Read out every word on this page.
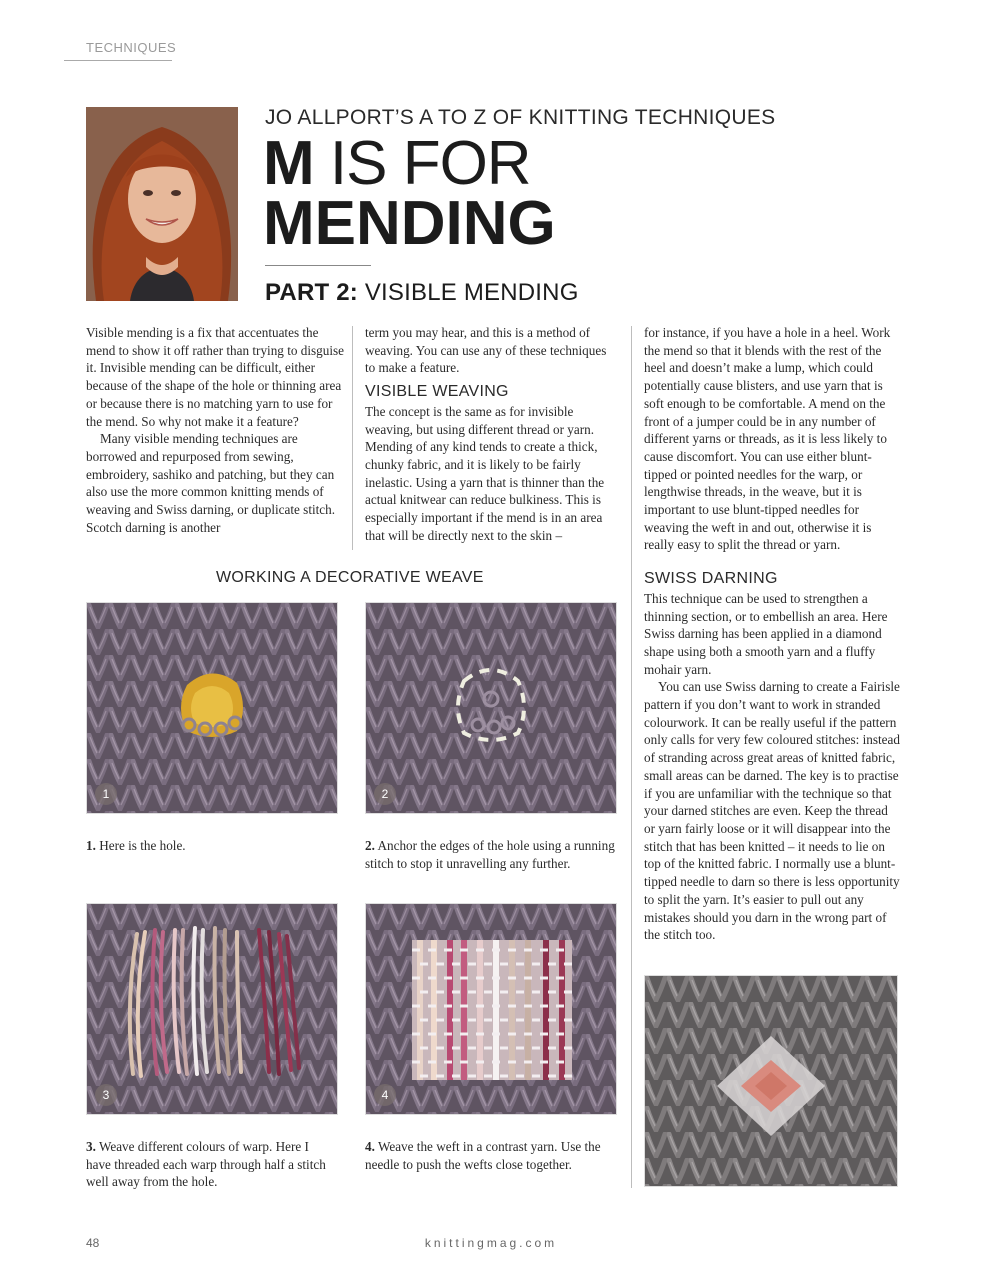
TECHNIQUES
JO ALLPORT’S A TO Z OF KNITTING TECHNIQUES
M IS FOR
MENDING
PART 2: VISIBLE MENDING

Visible mending is a fix that accentuates the mend to show it off rather than trying to disguise it. Invisible mending can be difficult, either because of the shape of the hole or thinning area or because there is no matching yarn to use for the mend. So why not make it a feature?

Many visible mending techniques are borrowed and repurposed from sewing, embroidery, sashiko and patching, but they can also use the more common knitting mends of weaving and Swiss darning, or duplicate stitch. Scotch darning is another

term you may hear, and this is a method of weaving. You can use any of these techniques to make a feature.

VISIBLE WEAVING

The concept is the same as for invisible weaving, but using different thread or yarn. Mending of any kind tends to create a thick, chunky fabric, and it is likely to be fairly inelastic. Using a yarn that is thinner than the actual knitwear can reduce bulkiness. This is especially important if the mend is in an area that will be directly next to the skin –

for instance, if you have a hole in a heel. Work the mend so that it blends with the rest of the heel and doesn’t make a lump, which could potentially cause blisters, and use yarn that is soft enough to be comfortable. A mend on the front of a jumper could be in any number of different yarns or threads, as it is less likely to cause discomfort. You can use either blunt-tipped or pointed needles for the warp, or lengthwise threads, in the weave, but it is important to use blunt-tipped needles for weaving the weft in and out, otherwise it is really easy to split the thread or yarn.

SWISS DARNING

This technique can be used to strengthen a thinning section, or to embellish an area. Here Swiss darning has been applied in a diamond shape using both a smooth yarn and a fluffy mohair yarn.

You can use Swiss darning to create a Fairisle pattern if you don’t want to work in stranded colourwork. It can be really useful if the pattern only calls for very few coloured stitches: instead of stranding across great areas of knitted fabric, small areas can be darned. The key is to practise if you are unfamiliar with the technique so that your darned stitches are even. Keep the thread or yarn fairly loose or it will disappear into the stitch that has been knitted – it needs to lie on top of the knitted fabric. I normally use a blunt-tipped needle to darn so there is less opportunity to split the yarn. It’s easier to pull out any mistakes should you darn in the wrong part of the stitch too.

WORKING A DECORATIVE WEAVE
1	2
1. Here is the hole.	2. Anchor the edges of the hole using a running stitch to stop it unravelling any further.
3	4
3. Weave different colours of warp. Here I have threaded each warp through half a stitch well away from the hole.
4. Weave the weft in a contrast yarn. Use the needle to push the wefts close together.
48	knittingmag.com
